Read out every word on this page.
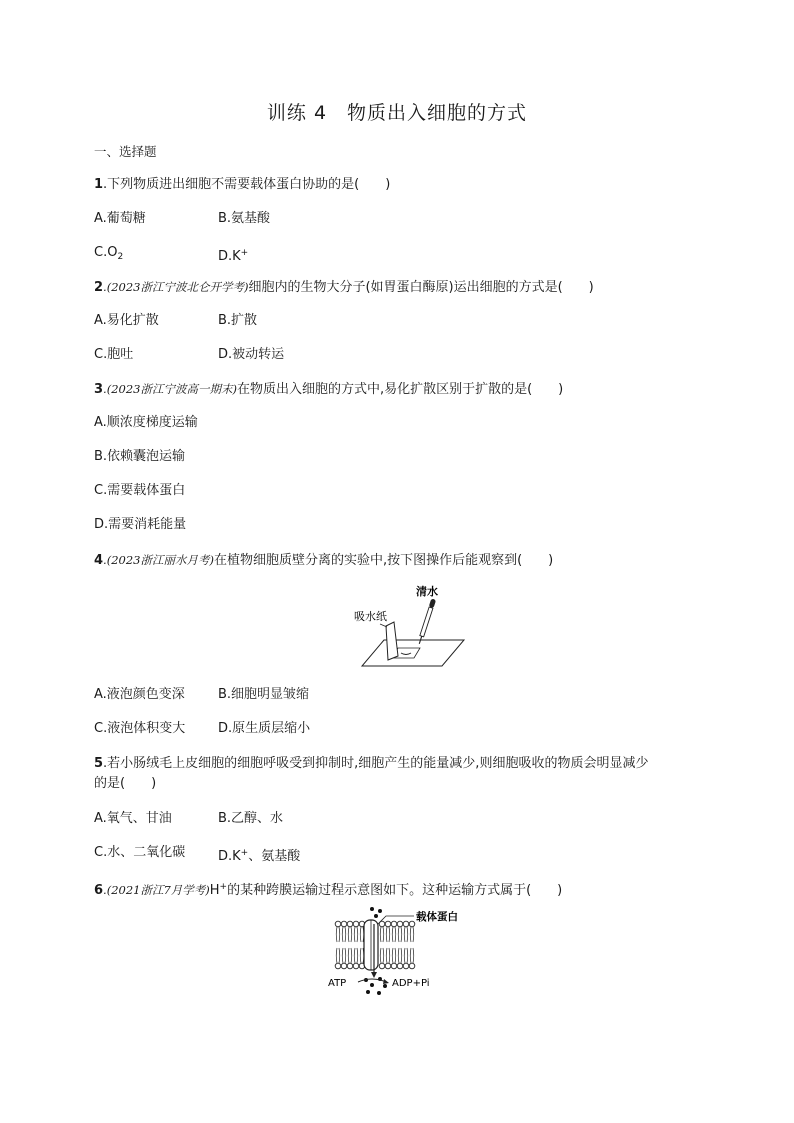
训练 4　物质出入细胞的方式
一、选择题
1.下列物质进出细胞不需要载体蛋白协助的是(　　)
A.葡萄糖	B.氨基酸
$C.O_2$	D.K+
2.(2023浙江宁波北仑开学考)细胞内的生物大分子(如胃蛋白酶原)运出细胞的方式是(　　)
A.易化扩散	B.扩散
C.胞吐	D.被动转运
3.(2023浙江宁波高一期末)在物质出入细胞的方式中,易化扩散区别于扩散的是(　　)
A.顺浓度梯度运输
B.依赖囊泡运输
C.需要载体蛋白
D.需要消耗能量
4.(2023浙江丽水月考)在植物细胞质壁分离的实验中,按下图操作后能观察到(　　)
清水
吸水纸
A.液泡颜色变深	B.细胞明显皱缩
C.液泡体积变大	D.原生质层缩小
5.若小肠绒毛上皮细胞的细胞呼吸受到抑制时,细胞产生的能量减少,则细胞吸收的物质会明显减少
的是(　　)
A.氧气、甘油	B.乙醇、水
C.水、二氧化碳	D.K+、氨基酸
6.(2021浙江7月学考)H+的某种跨膜运输过程示意图如下。这种运输方式属于(　　)
载体蛋白
ATP	ADP+Pi
